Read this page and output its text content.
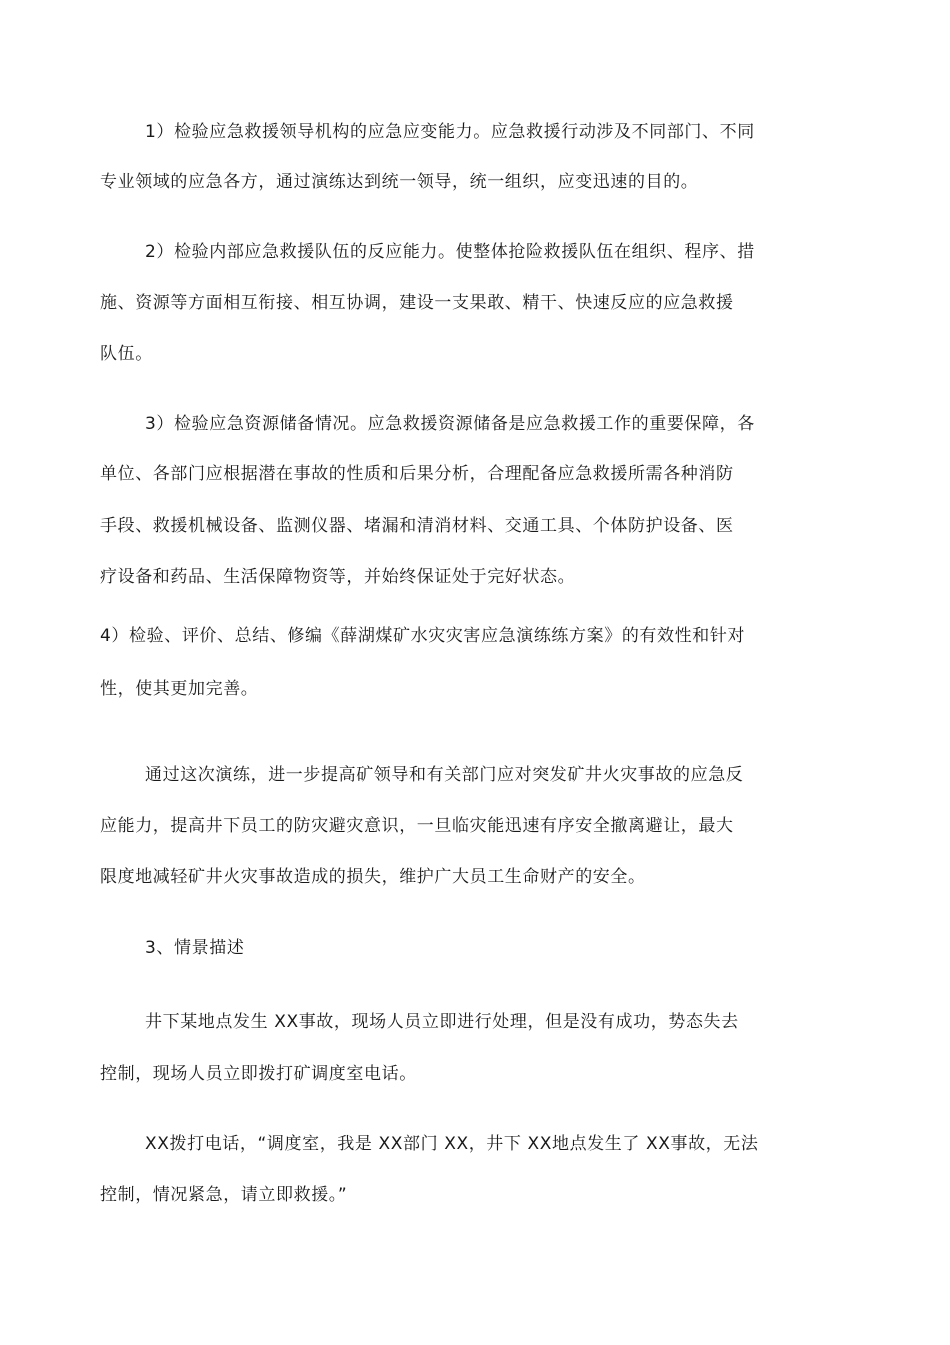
1）检验应急救援领导机构的应急应变能力。应急救援行动涉及不同部门、不同
专业领域的应急各方，通过演练达到统一领导，统一组织，应变迅速的目的。
2）检验内部应急救援队伍的反应能力。使整体抢险救援队伍在组织、程序、措
施、资源等方面相互衔接、相互协调，建设一支果敢、精干、快速反应的应急救援
队伍。
3）检验应急资源储备情况。应急救援资源储备是应急救援工作的重要保障，各
单位、各部门应根据潜在事故的性质和后果分析，合理配备应急救援所需各种消防
手段、救援机械设备、监测仪器、堵漏和清消材料、交通工具、个体防护设备、医
疗设备和药品、生活保障物资等，并始终保证处于完好状态。
4）检验、评价、总结、修编《薛湖煤矿水灾灾害应急演练练方案》的有效性和针对
性，使其更加完善。
通过这次演练，进一步提高矿领导和有关部门应对突发矿井火灾事故的应急反
应能力，提高井下员工的防灾避灾意识，一旦临灾能迅速有序安全撤离避让，最大
限度地减轻矿井火灾事故造成的损失，维护广大员工生命财产的安全。
3、情景描述
井下某地点发生 XX事故，现场人员立即进行处理，但是没有成功，势态失去
控制，现场人员立即拨打矿调度室电话。
XX拨打电话，“调度室，我是 XX部门 XX，井下 XX地点发生了 XX事故，无法
控制，情况紧急，请立即救援。”
